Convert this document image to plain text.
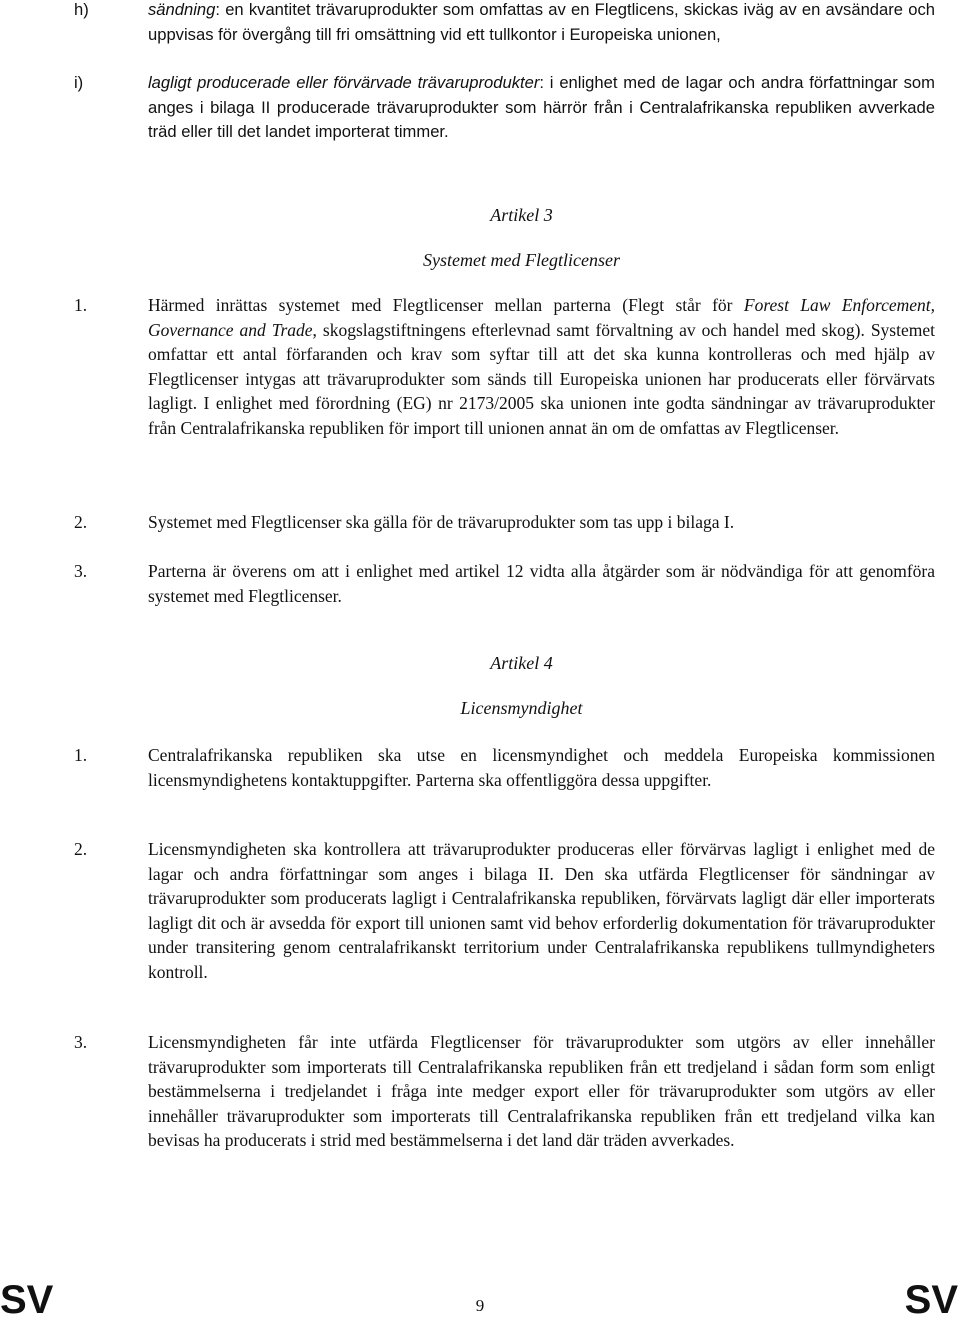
h)	sändning: en kvantitet trävaruprodukter som omfattas av en Flegtlicens, skickas iväg av en avsändare och uppvisas för övergång till fri omsättning vid ett tullkontor i Europeiska unionen,
i)	lagligt producerade eller förvärvade trävaruprodukter: i enlighet med de lagar och andra författningar som anges i bilaga II producerade trävaruprodukter som härrör från i Centralafrikanska republiken avverkade träd eller till det landet importerat timmer.
Artikel 3
Systemet med Flegtlicenser
1.	Härmed inrättas systemet med Flegtlicenser mellan parterna (Flegt står för Forest Law Enforcement, Governance and Trade, skogslagstiftningens efterlevnad samt förvaltning av och handel med skog). Systemet omfattar ett antal förfaranden och krav som syftar till att det ska kunna kontrolleras och med hjälp av Flegtlicenser intygas att trävaruprodukter som sänds till Europeiska unionen har producerats eller förvärvats lagligt. I enlighet med förordning (EG) nr 2173/2005 ska unionen inte godta sändningar av trävaruprodukter från Centralafrikanska republiken för import till unionen annat än om de omfattas av Flegtlicenser.
2.	Systemet med Flegtlicenser ska gälla för de trävaruprodukter som tas upp i bilaga I.
3.	Parterna är överens om att i enlighet med artikel 12 vidta alla åtgärder som är nödvändiga för att genomföra systemet med Flegtlicenser.
Artikel 4
Licensmyndighet
1.	Centralafrikanska republiken ska utse en licensmyndighet och meddela Europeiska kommissionen licensmyndighetens kontaktuppgifter. Parterna ska offentliggöra dessa uppgifter.
2.	Licensmyndigheten ska kontrollera att trävaruprodukter produceras eller förvärvas lagligt i enlighet med de lagar och andra författningar som anges i bilaga II. Den ska utfärda Flegtlicenser för sändningar av trävaruprodukter som producerats lagligt i Centralafrikanska republiken, förvärvats lagligt där eller importerats lagligt dit och är avsedda för export till unionen samt vid behov erforderlig dokumentation för trävaruprodukter under transitering genom centralafrikanskt territorium under Centralafrikanska republikens tullmyndigheters kontroll.
3.	Licensmyndigheten får inte utfärda Flegtlicenser för trävaruprodukter som utgörs av eller innehåller trävaruprodukter som importerats till Centralafrikanska republiken från ett tredjeland i sådan form som enligt bestämmelserna i tredjelandet i fråga inte medger export eller för trävaruprodukter som utgörs av eller innehåller trävaruprodukter som importerats till Centralafrikanska republiken från ett tredjeland vilka kan bevisas ha producerats i strid med bestämmelserna i det land där träden avverkades.
SV	9	SV
